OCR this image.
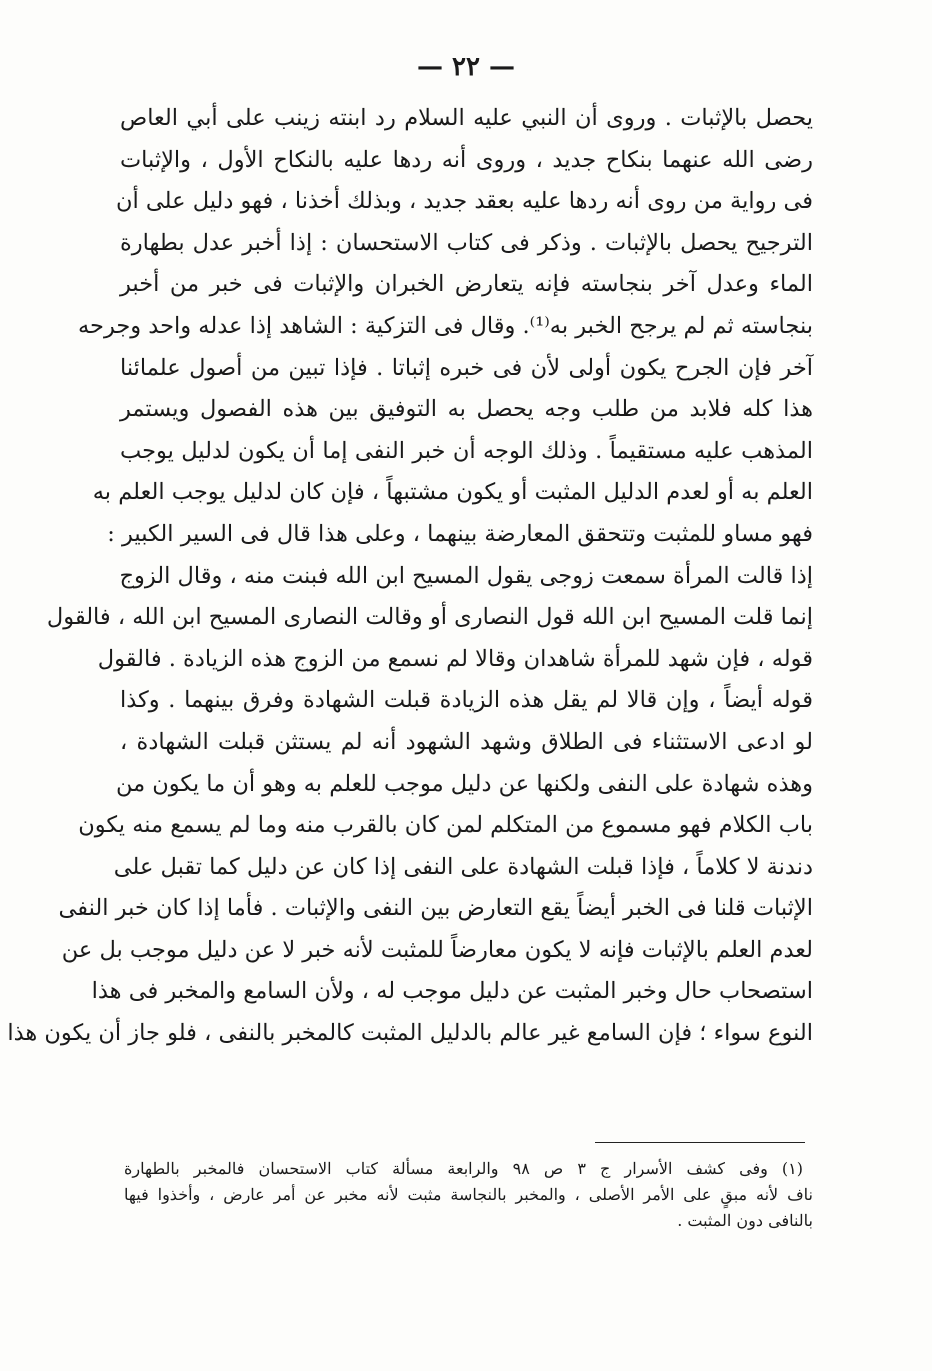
— ٢٢ —
يحصل بالإثبات . وروى أن النبي عليه السلام رد ابنته زينب على أبي العاص
رضى الله عنهما بنكاح جديد ، وروى أنه ردها عليه بالنكاح الأول ، والإثبات
فى رواية من روى أنه ردها عليه بعقد جديد ، وبذلك أخذنا ، فهو دليل على أن
الترجيح يحصل بالإثبات . وذكر فى كتاب الاستحسان : إذا أخبر عدل بطهارة
الماء وعدل آخر بنجاسته فإنه يتعارض الخبران والإثبات فى خبر من أخبر
بنجاسته ثم لم يرجح الخبر به⁽¹⁾. وقال فى التزكية : الشاهد إذا عدله واحد وجرحه
آخر فإن الجرح يكون أولى لأن فى خبره إثباتا . فإذا تبين من أصول علمائنا
هذا كله فلابد من طلب وجه يحصل به التوفيق بين هذه الفصول ويستمر
المذهب عليه مستقيماً . وذلك الوجه أن خبر النفى إما أن يكون لدليل يوجب
العلم به أو لعدم الدليل المثبت أو يكون مشتبهاً ، فإن كان لدليل يوجب العلم به
فهو مساو للمثبت وتتحقق المعارضة بينهما ، وعلى هذا قال فى السير الكبير :
إذا قالت المرأة سمعت زوجى يقول المسيح ابن الله فبنت منه ، وقال الزوج
إنما قلت المسيح ابن الله قول النصارى أو وقالت النصارى المسيح ابن الله ، فالقول
قوله ، فإن شهد للمرأة شاهدان وقالا لم نسمع من الزوج هذه الزيادة . فالقول
قوله أيضاً ، وإن قالا لم يقل هذه الزيادة قبلت الشهادة وفرق بينهما . وكذا
لو ادعى الاستثناء فى الطلاق وشهد الشهود أنه لم يستثن قبلت الشهادة ،
وهذه شهادة على النفى ولكنها عن دليل موجب للعلم به وهو أن ما يكون من
باب الكلام فهو مسموع من المتكلم لمن كان بالقرب منه وما لم يسمع منه يكون
دندنة لا كلاماً ، فإذا قبلت الشهادة على النفى إذا كان عن دليل كما تقبل على
الإثبات قلنا فى الخبر أيضاً يقع التعارض بين النفى والإثبات . فأما إذا كان خبر النفى
لعدم العلم بالإثبات فإنه لا يكون معارضاً للمثبت لأنه خبر لا عن دليل موجب بل عن
استصحاب حال وخبر المثبت عن دليل موجب له ، ولأن السامع والمخبر فى هذا
النوع سواء ؛ فإن السامع غير عالم بالدليل المثبت كالمخبر بالنفى ، فلو جاز أن يكون هذا
(١) وفى كشف الأسرار ج ٣ ص ٩٨ والرابعة مسألة كتاب الاستحسان فالمخبر بالطهارة
ناف لأنه مبقٍ على الأمر الأصلى ، والمخبر بالنجاسة مثبت لأنه مخبر عن أمر عارض ، وأخذوا فيها
بالنافى دون المثبت .
